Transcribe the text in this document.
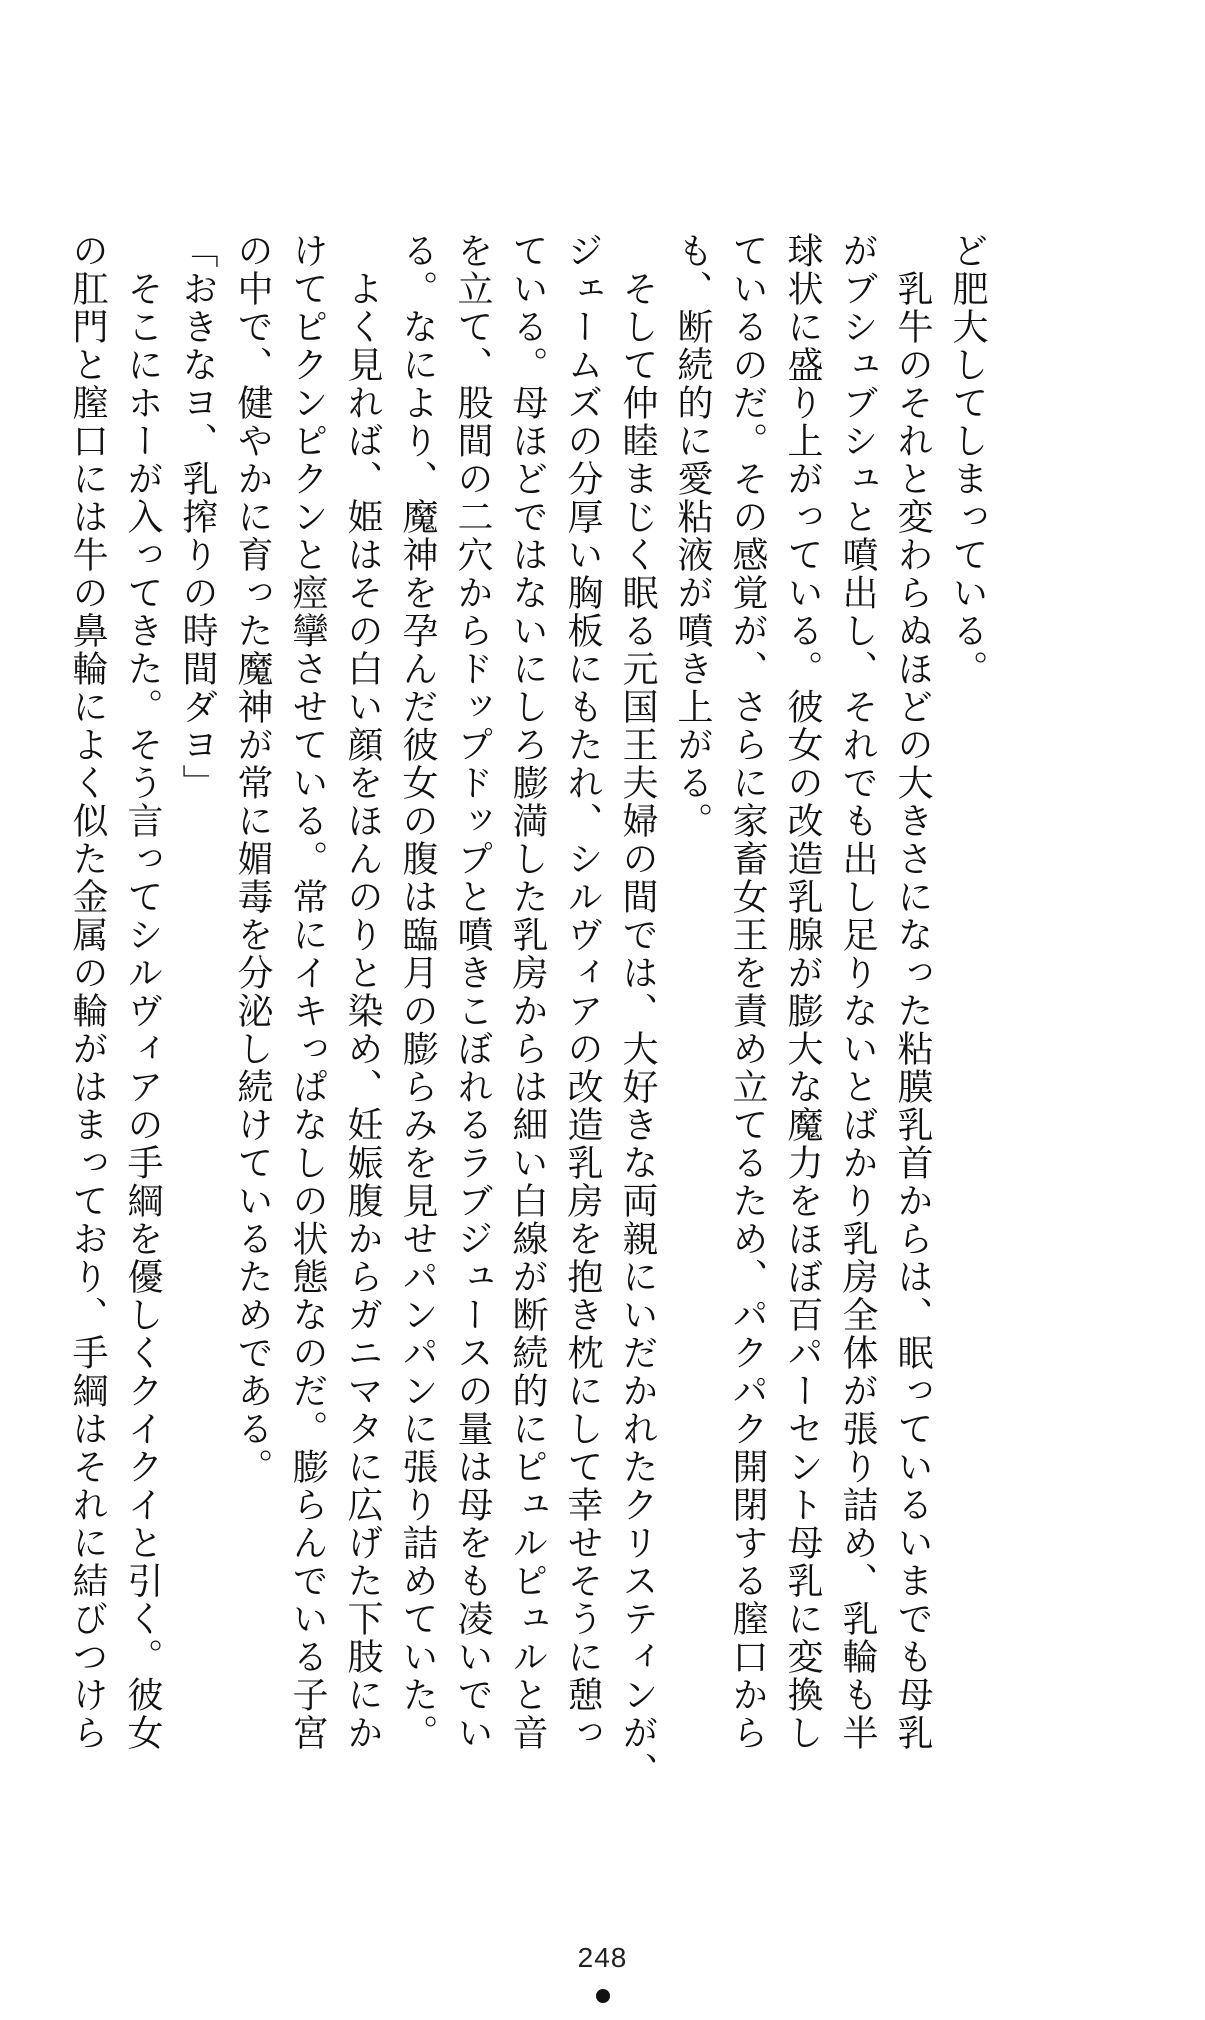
ど肥大してしまっている。
　乳牛のそれと変わらぬほどの大きさになった粘膜乳首からは、眠っているいまでも母乳
がブシュブシュと噴出し、それでも出し足りないとばかり乳房全体が張り詰め、乳輪も半
球状に盛り上がっている。彼女の改造乳腺が膨大な魔力をほぼ百パーセント母乳に変換し
ているのだ。その感覚が、さらに家畜女王を責め立てるため、パクパク開閉する膣口から
も、断続的に愛粘液が噴き上がる。
　そして仲睦まじく眠る元国王夫婦の間では、大好きな両親にいだかれたクリスティンが、
ジェームズの分厚い胸板にもたれ、シルヴィアの改造乳房を抱き枕にして幸せそうに憩っ
ている。母ほどではないにしろ膨満した乳房からは細い白線が断続的にピュルピュルと音
を立て、股間の二穴からドップドップと噴きこぼれるラブジュースの量は母をも凌いでい
る。なにより、魔神を孕んだ彼女の腹は臨月の膨らみを見せパンパンに張り詰めていた。
　よく見れば、姫はその白い顔をほんのりと染め、妊娠腹からガニマタに広げた下肢にか
けてピクンピクンと痙攣させている。常にイキっぱなしの状態なのだ。膨らんでいる子宮
の中で、健やかに育った魔神が常に媚毒を分泌し続けているためである。
「おきなヨ、乳搾りの時間ダヨ」
　そこにホーが入ってきた。そう言ってシルヴィアの手綱を優しくクイクイと引く。彼女
の肛門と膣口には牛の鼻輪によく似た金属の輪がはまっており、手綱はそれに結びつけら
248
